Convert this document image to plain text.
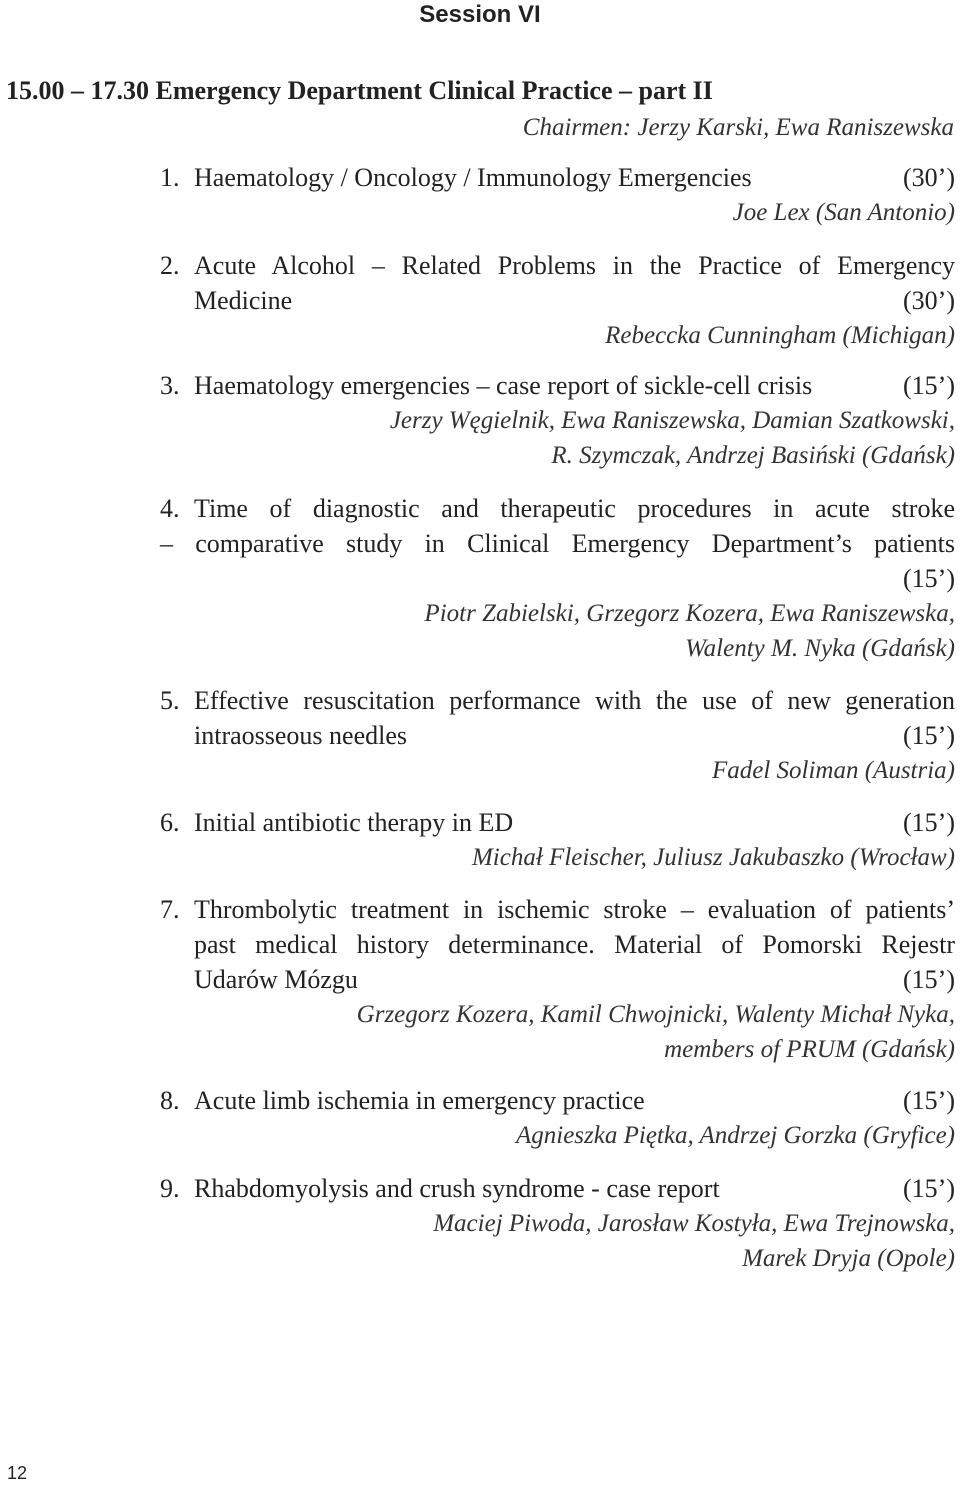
Session VI
15.00 – 17.30 Emergency Department Clinical Practice – part II
Chairmen: Jerzy Karski, Ewa Raniszewska
1. Haematology / Oncology / Immunology Emergencies	(30’)
Joe Lex (San Antonio)
2. Acute Alcohol – Related Problems in the Practice of Emergency
Medicine	(30’)
Rebeccka Cunningham (Michigan)
3. Haematology emergencies – case report of sickle-cell crisis	(15’)
Jerzy Węgielnik, Ewa Raniszewska, Damian Szatkowski,
R. Szymczak, Andrzej Basiński (Gdańsk)
4. Time of diagnostic and therapeutic procedures in acute stroke
– comparative study in Clinical Emergency Department’s patients
(15’)
Piotr Zabielski, Grzegorz Kozera, Ewa Raniszewska,
Walenty M. Nyka (Gdańsk)
5. Effective resuscitation performance with the use of new generation
intraosseous needles	(15’)
Fadel Soliman (Austria)
6. Initial antibiotic therapy in ED	(15’)
Michał Fleischer, Juliusz Jakubaszko (Wrocław)
7. Thrombolytic treatment in ischemic stroke – evaluation of patients’
past medical history determinance. Material of Pomorski Rejestr
Udarów Mózgu	(15’)
Grzegorz Kozera, Kamil Chwojnicki, Walenty Michał Nyka,
members of PRUM (Gdańsk)
8. Acute limb ischemia in emergency practice	(15’)
Agnieszka Piętka, Andrzej Gorzka (Gryfice)
9. Rhabdomyolysis and crush syndrome - case report	(15’)
Maciej Piwoda, Jarosław Kostyła, Ewa Trejnowska,
Marek Dryja (Opole)
12
